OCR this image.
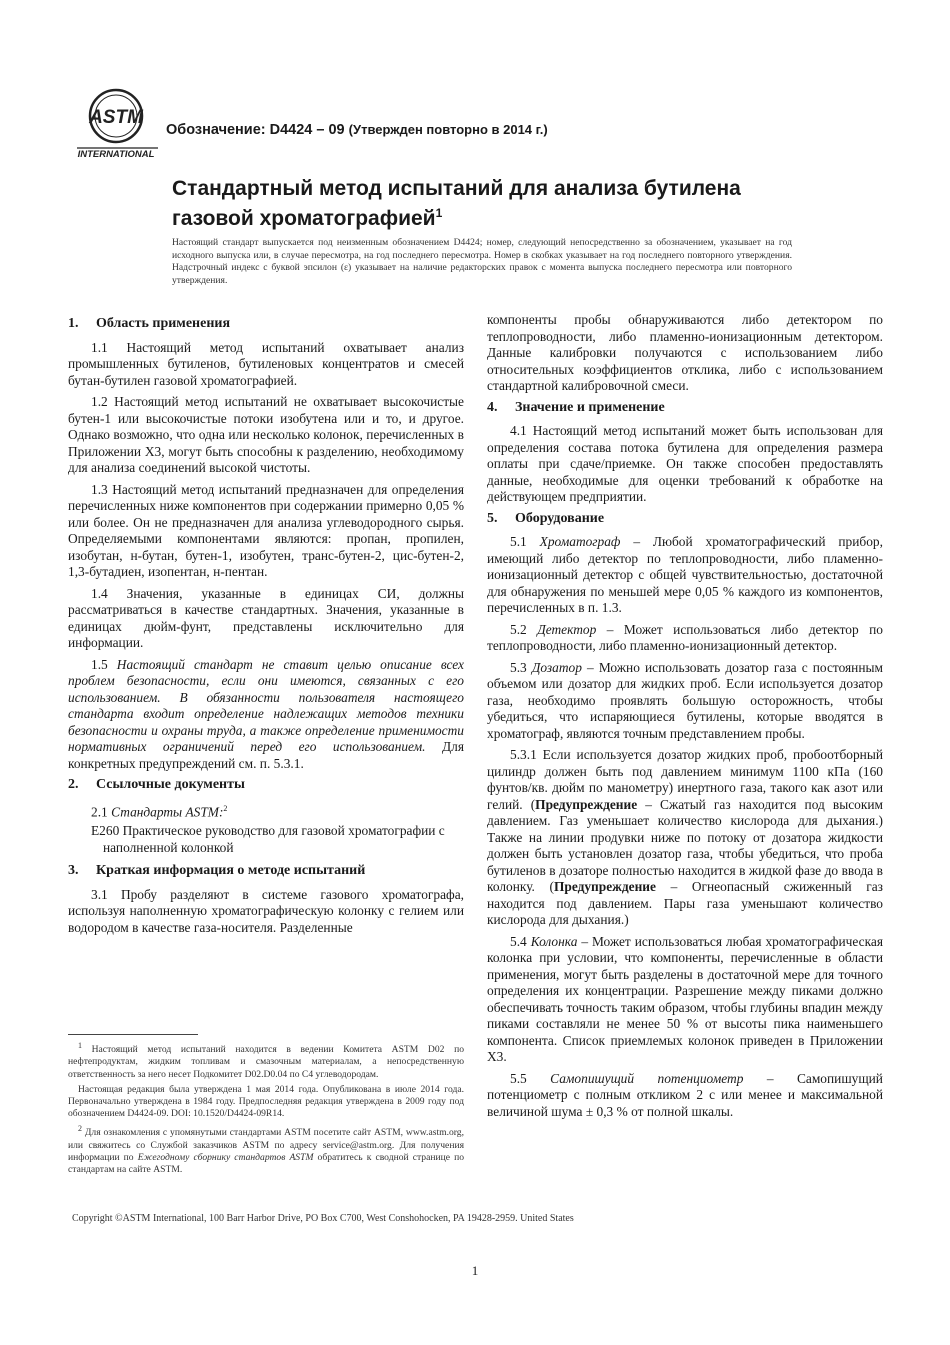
ASTM
INTERNATIONAL
Обозначение: D4424 – 09 (Утвержден повторно в 2014 г.)
Стандартный метод испытаний для анализа бутилена
газовой хроматографией$^1$
Настоящий стандарт выпускается под неизменным обозначением D4424; номер, следующий непосредственно за обозначением, указывает на год исходного выпуска или, в случае пересмотра, на год последнего пересмотра. Номер в скобках указывает на год последнего повторного утверждения. Надстрочный индекс с буквой эпсилон (ε) указывает на наличие редакторских правок с момента выпуска последнего пересмотра или повторного утверждения.
1. Область применения

1.1 Настоящий метод испытаний охватывает анализ промышленных бутиленов, бутиленовых концентратов и смесей бутан-бутилен газовой хроматографией.

1.2 Настоящий метод испытаний не охватывает высокочистые бутен-1 или высокочистые потоки изобутена или и то, и другое. Однако возможно, что одна или несколько колонок, перечисленных в Приложении X3, могут быть способны к разделению, необходимому для анализа соединений высокой чистоты.

1.3 Настоящий метод испытаний предназначен для определения перечисленных ниже компонентов при содержании примерно 0,05 % или более. Он не предназначен для анализа углеводородного сырья. Определяемыми компонентами являются: пропан, пропилен, изобутан, н-бутан, бутен-1, изобутен, транс-бутен-2, цис-бутен-2, 1,3-бутадиен, изопентан, н-пентан.

1.4 Значения, указанные в единицах СИ, должны рассматриваться в качестве стандартных. Значения, указанные в единицах дюйм-фунт, представлены исключительно для информации.

1.5 Настоящий стандарт не ставит целью описание всех проблем безопасности, если они имеются, связанных с его использованием. В обязанности пользователя настоящего стандарта входит определение надлежащих методов техники безопасности и охраны труда, а также определение применимости нормативных ограничений перед его использованием. Для конкретных предупреждений см. п. 5.3.1.

2. Ссылочные документы
2.1 Стандарты ASTM:$^2$
E260 Практическое руководство для газовой хроматографии с наполненной колонкой
3. Краткая информация о методе испытаний

3.1 Пробу разделяют в системе газового хроматографа, используя наполненную хроматографическую колонку с гелием или водородом в качестве газа-носителя. Разделенные

$^1$ Настоящий метод испытаний находится в ведении Комитета ASTM D02 по нефтепродуктам, жидким топливам и смазочным материалам, а непосредственную ответственность за него несет Подкомитет D02.D0.04 по C4 углеводородам.

Настоящая редакция была утверждена 1 мая 2014 года. Опубликована в июле 2014 года. Первоначально утверждена в 1984 году. Предпоследняя редакция утверждена в 2009 году под обозначением D4424-09. DOI: 10.1520/D4424-09R14.

$^2$ Для ознакомления с упомянутыми стандартами ASTM посетите сайт ASTM, www.astm.org, или свяжитесь со Службой заказчиков ASTM по адресу service@astm.org. Для получения информации по Ежегодному сборнику стандартов ASTM обратитесь к сводной странице по стандартам на сайте ASTM.

компоненты пробы обнаруживаются либо детектором по теплопроводности, либо пламенно-ионизационным детектором. Данные калибровки получаются с использованием либо относительных коэффициентов отклика, либо с использованием стандартной калибровочной смеси.

4. Значение и применение

4.1 Настоящий метод испытаний может быть использован для определения состава потока бутилена для определения размера оплаты при сдаче/приемке. Он также способен предоставлять данные, необходимые для оценки требований к обработке на действующем предприятии.

5. Оборудование

5.1 Хроматограф – Любой хроматографический прибор, имеющий либо детектор по теплопроводности, либо пламенно-ионизационный детектор с общей чувствительностью, достаточной для обнаружения по меньшей мере 0,05 % каждого из компонентов, перечисленных в п. 1.3.

5.2 Детектор – Может использоваться либо детектор по теплопроводности, либо пламенно-ионизационный детектор.

5.3 Дозатор – Можно использовать дозатор газа с постоянным объемом или дозатор для жидких проб. Если используется дозатор газа, необходимо проявлять большую осторожность, чтобы убедиться, что испаряющиеся бутилены, которые вводятся в хроматограф, являются точным представлением пробы.

5.3.1 Если используется дозатор жидких проб, пробоотборный цилиндр должен быть под давлением минимум 1100 кПа (160 фунтов/кв. дюйм по манометру) инертного газа, такого как азот или гелий. (Предупреждение – Сжатый газ находится под высоким давлением. Газ уменьшает количество кислорода для дыхания.) Также на линии продувки ниже по потоку от дозатора жидкости должен быть установлен дозатор газа, чтобы убедиться, что проба бутиленов в дозаторе полностью находится в жидкой фазе до ввода в колонку. (Предупреждение – Огнеопасный сжиженный газ находится под давлением. Пары газа уменьшают количество кислорода для дыхания.)

5.4 Колонка – Может использоваться любая хроматографическая колонка при условии, что компоненты, перечисленные в области применения, могут быть разделены в достаточной мере для точного определения их концентрации. Разрешение между пиками должно обеспечивать точность таким образом, чтобы глубины впадин между пиками составляли не менее 50 % от высоты пика наименьшего компонента. Список приемлемых колонок приведен в Приложении X3.

5.5 Самопишущий потенциометр – Самопишущий потенциометр с полным откликом 2 с или менее и максимальной величиной шума ± 0,3 % от полной шкалы.

Copyright ©ASTM International, 100 Barr Harbor Drive, PO Box C700, West Conshohocken, PA 19428-2959. United States
1
